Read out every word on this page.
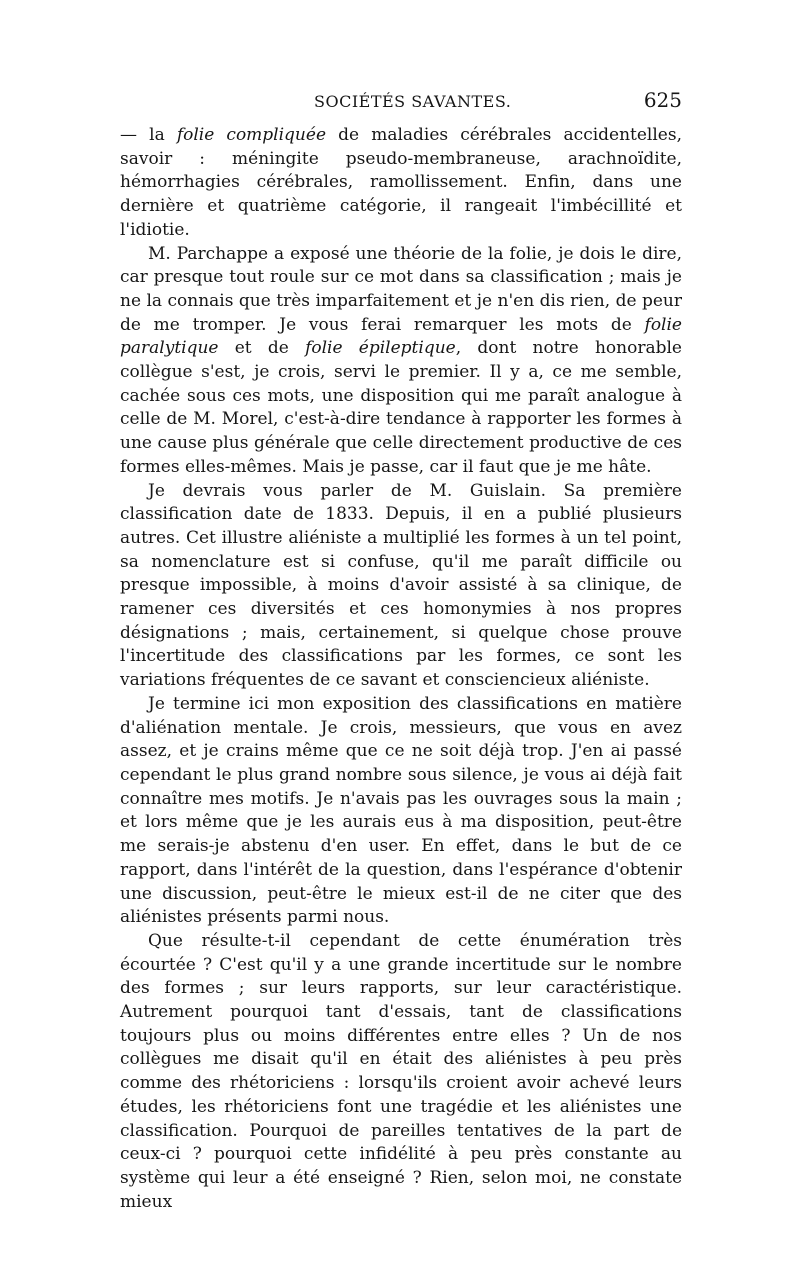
SOCIÉTÉS SAVANTES.	625

— la folie compliquée de maladies cérébrales accidentelles, savoir : méningite pseudo-membraneuse, arachnoïdite, hémorrhagies cérébrales, ramollissement. Enfin, dans une dernière et quatrième catégorie, il rangeait l'imbécillité et l'idiotie.

M. Parchappe a exposé une théorie de la folie, je dois le dire, car presque tout roule sur ce mot dans sa classification ; mais je ne la connais que très imparfaitement et je n'en dis rien, de peur de me tromper. Je vous ferai remarquer les mots de folie paralytique et de folie épileptique, dont notre honorable collègue s'est, je crois, servi le premier. Il y a, ce me semble, cachée sous ces mots, une disposition qui me paraît analogue à celle de M. Morel, c'est-à-dire tendance à rapporter les formes à une cause plus générale que celle directement productive de ces formes elles-mêmes. Mais je passe, car il faut que je me hâte.

Je devrais vous parler de M. Guislain. Sa première classification date de 1833. Depuis, il en a publié plusieurs autres. Cet illustre aliéniste a multiplié les formes à un tel point, sa nomenclature est si confuse, qu'il me paraît difficile ou presque impossible, à moins d'avoir assisté à sa clinique, de ramener ces diversités et ces homonymies à nos propres désignations ; mais, certainement, si quelque chose prouve l'incertitude des classifications par les formes, ce sont les variations fréquentes de ce savant et consciencieux aliéniste.

Je termine ici mon exposition des classifications en matière d'aliénation mentale. Je crois, messieurs, que vous en avez assez, et je crains même que ce ne soit déjà trop. J'en ai passé cependant le plus grand nombre sous silence, je vous ai déjà fait connaître mes motifs. Je n'avais pas les ouvrages sous la main ; et lors même que je les aurais eus à ma disposition, peut-être me serais-je abstenu d'en user. En effet, dans le but de ce rapport, dans l'intérêt de la question, dans l'espérance d'obtenir une discussion, peut-être le mieux est-il de ne citer que des aliénistes présents parmi nous.

Que résulte-t-il cependant de cette énumération très écourtée ? C'est qu'il y a une grande incertitude sur le nombre des formes ; sur leurs rapports, sur leur caractéristique. Autrement pourquoi tant d'essais, tant de classifications toujours plus ou moins différentes entre elles ? Un de nos collègues me disait qu'il en était des aliénistes à peu près comme des rhétoriciens : lorsqu'ils croient avoir achevé leurs études, les rhétoriciens font une tragédie et les aliénistes une classification. Pourquoi de pareilles tentatives de la part de ceux-ci ? pourquoi cette infidélité à peu près constante au système qui leur a été enseigné ? Rien, selon moi, ne constate mieux
